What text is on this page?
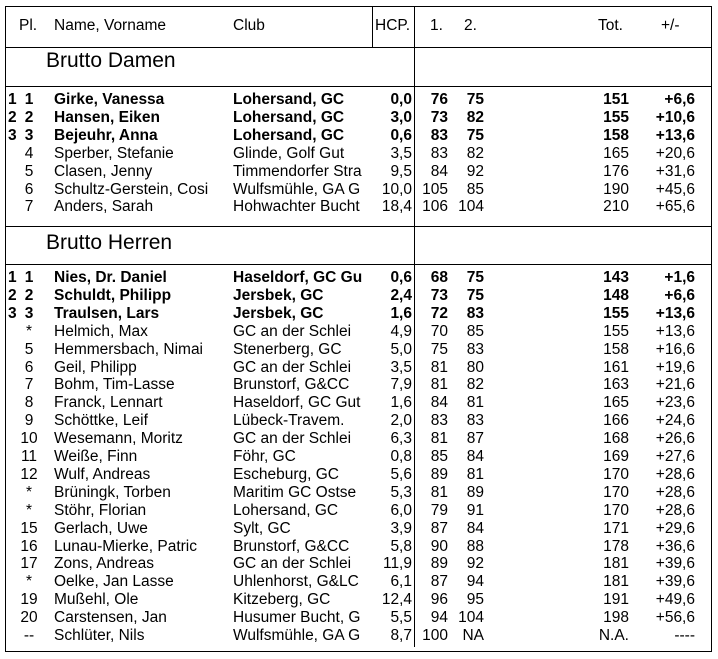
Pl. Name, Vorname	Club	HCP. 1. 2.	Tot. +/-
Brutto Damen
1 1	Girke, Vanessa	Lohersand, GC	0,0	76	75	151	+6,6
2 2	Hansen, Eiken	Lohersand, GC	3,0	73	82	155	+10,6
3 3	Bejeuhr, Anna	Lohersand, GC	0,6	83	75	158	+13,6
4	Sperber, Stefanie	Glinde, Golf Gut	3,5	83	82	165	+20,6
5	Clasen, Jenny	Timmendorfer Stra	9,5	84	92	176	+31,6
6	Schultz-Gerstein, Cosi	Wulfsmühle, GA G	10,0 105	85	190	+45,6
7	Anders, Sarah	Hohwachter Bucht	18,4 106 104	210	+65,6
Brutto Herren
1 1	Nies, Dr. Daniel	Haseldorf, GC Gu	0,6	68	75	143	+1,6
2 2	Schuldt, Philipp	Jersbek, GC	2,4	73	75	148	+6,6
3 3	Traulsen, Lars	Jersbek, GC	1,6	72	83	155	+13,6
*	Helmich, Max	GC an der Schlei	4,9	70	85	155	+13,6
5	Hemmersbach, Nimai	Stenerberg, GC	5,0	75	83	158	+16,6
6	Geil, Philipp	GC an der Schlei	3,5	81	80	161	+19,6
7	Bohm, Tim-Lasse	Brunstorf, G&CC	7,9	81	82	163	+21,6
8	Franck, Lennart	Haseldorf, GC Gut	1,6	84	81	165	+23,6
9	Schöttke, Leif	Lübeck-Travem.	2,0	83	83	166	+24,6
10 Wesemann, Moritz	GC an der Schlei	6,3	81	87	168	+26,6
11 Weiße, Finn	Föhr, GC	0,8	85	84	169	+27,6
12 Wulf, Andreas	Escheburg, GC	5,6	89	81	170	+28,6
*	Brüningk, Torben	Maritim GC Ostse	5,3	81	89	170	+28,6
*	Stöhr, Florian	Lohersand, GC	6,0	79	91	170	+28,6
15 Gerlach, Uwe	Sylt, GC	3,9	87	84	171	+29,6
16 Lunau-Mierke, Patric	Brunstorf, G&CC	5,8	90	88	178	+36,6
17 Zons, Andreas	GC an der Schlei	11,9	89	92	181	+39,6
*	Oelke, Jan Lasse	Uhlenhorst, G&LC	6,1	87	94	181	+39,6
19 Mußehl, Ole	Kitzeberg, GC	12,4	96	95	191	+49,6
20 Carstensen, Jan	Husumer Bucht, G	5,5	94 104	198	+56,6
--	Schlüter, Nils	Wulfsmühle, GA G	8,7 100 NA	N.A.	----
